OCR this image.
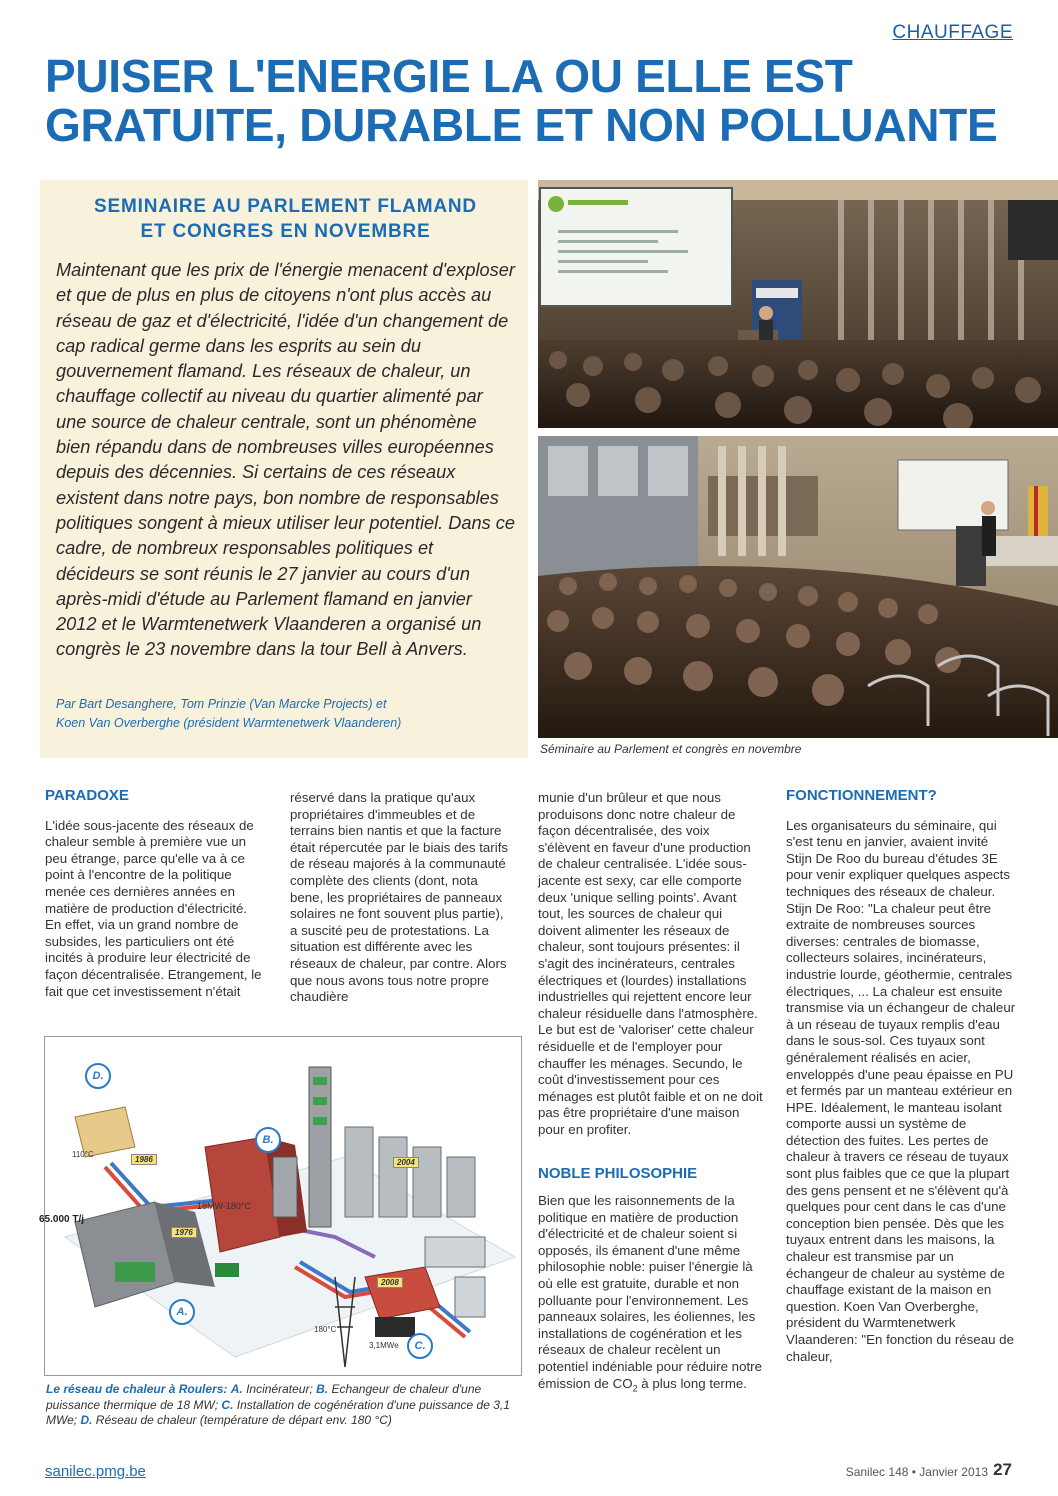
CHAUFFAGE
PUISER L'ENERGIE LA OU ELLE EST
GRATUITE, DURABLE ET NON POLLUANTE
SEMINAIRE AU PARLEMENT FLAMAND
ET CONGRES EN NOVEMBRE
Maintenant que les prix de l'énergie menacent d'exploser et que de plus en plus de citoyens n'ont plus accès au réseau de gaz et d'électricité, l'idée d'un changement de cap radical germe dans les esprits au sein du gouvernement flamand. Les réseaux de chaleur, un chauffage collectif au niveau du quartier alimenté par une source de chaleur centrale, sont un phénomène bien répandu dans de nombreuses villes européennes depuis des décennies. Si certains de ces réseaux existent dans notre pays, bon nombre de responsables politiques songent à mieux utiliser leur potentiel. Dans ce cadre, de nombreux responsables politiques et décideurs se sont réunis le 27 janvier au cours d'un après-midi d'étude au Parlement flamand en janvier 2012 et le Warmtenetwerk Vlaanderen a organisé un congrès le 23 novembre dans la tour Bell à Anvers.
Par Bart Desanghere, Tom Prinzie (Van Marcke Projects) et
Koen Van Overberghe (président Warmtenetwerk Vlaanderen)
Séminaire au Parlement et congrès en novembre
PARADOXE

L'idée sous-jacente des réseaux de chaleur semble à première vue un peu étrange, parce qu'elle va à ce point à l'encontre de la politique menée ces dernières années en matière de production d'électricité. En effet, via un grand nombre de subsides, les particuliers ont été incités à produire leur électricité de façon décentralisée. Etrangement, le fait que cet investissement n'était

réservé dans la pratique qu'aux propriétaires d'immeubles et de terrains bien nantis et que la facture était répercutée par le biais des tarifs de réseau majorés à la communauté complète des clients (dont, nota bene, les propriétaires de panneaux solaires ne font souvent plus partie), a suscité peu de protestations. La situation est différente avec les réseaux de chaleur, par contre. Alors que nous avons tous notre propre chaudière

munie d'un brûleur et que nous produisons donc notre chaleur de façon décentralisée, des voix s'élèvent en faveur d'une production de chaleur centralisée. L'idée sous-jacente est sexy, car elle comporte deux 'unique selling points'. Avant tout, les sources de chaleur qui doivent alimenter les réseaux de chaleur, sont toujours présentes: il s'agit des incinérateurs, centrales électriques et (lourdes) installations industrielles qui rejettent encore leur chaleur résiduelle dans l'atmosphère. Le but est de 'valoriser' cette chaleur résiduelle et de l'employer pour chauffer les ménages. Secundo, le coût d'investissement pour ces ménages est plutôt faible et on ne doit pas être propriétaire d'une maison pour en profiter.

NOBLE PHILOSOPHIE

Bien que les raisonnements de la politique en matière de production d'électricité et de chaleur soient si opposés, ils émanent d'une même philosophie noble: puiser l'énergie là où elle est gratuite, durable et non polluante pour l'environnement. Les panneaux solaires, les éoliennes, les installations de cogénération et les réseaux de chaleur recèlent un potentiel indéniable pour réduire notre émission de $CO_2$ à plus long terme.

FONCTIONNEMENT?

Les organisateurs du séminaire, qui s'est tenu en janvier, avaient invité Stijn De Roo du bureau d'études 3E pour venir expliquer quelques aspects techniques des réseaux de chaleur. Stijn De Roo: "La chaleur peut être extraite de nombreuses sources diverses: centrales de biomasse, collecteurs solaires, incinérateurs, industrie lourde, géothermie, centrales électriques, ... La chaleur est ensuite transmise via un échangeur de chaleur à un réseau de tuyaux remplis d'eau dans le sous-sol. Ces tuyaux sont généralement réalisés en acier, enveloppés d'une peau épaisse en PU et fermés par un manteau extérieur en HPE. Idéalement, le manteau isolant comporte aussi un système de détection des fuites. Les pertes de chaleur à travers ce réseau de tuyaux sont plus faibles que ce que la plupart des gens pensent et ne s'élèvent qu'à quelques pour cent dans le cas d'une conception bien pensée. Dès que les tuyaux entrent dans les maisons, la chaleur est transmise par un échangeur de chaleur au système de chauffage existant de la maison en question. Koen Van Overberghe, président du Warmtenetwerk Vlaanderen: "En fonction du réseau de chaleur,

D.
B.
A.
C.
1986
1976
2004
2008
110°C
65.000 T/j
18MW-180°C
180°C
3,1MWe
Le réseau de chaleur à Roulers: A. Incinérateur; B. Echangeur de chaleur d'une puissance thermique de 18 MW; C. Installation de cogénération d'une puissance de 3,1 MWe; D. Réseau de chaleur (température de départ env. 180 °C)
sanilec.pmg.be	Sanilec 148 • Janvier 2013 27
